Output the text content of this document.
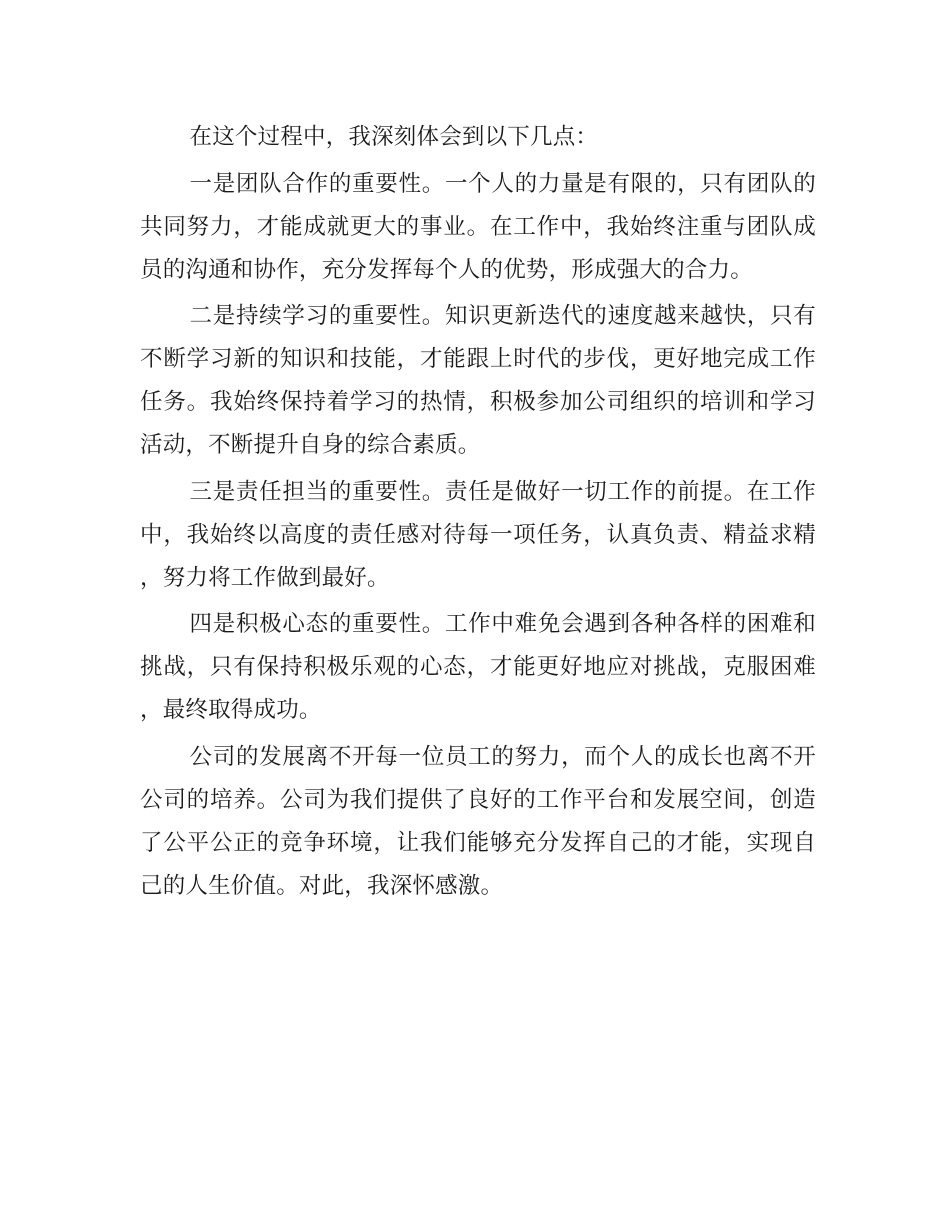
在这个过程中，我深刻体会到以下几点：

一是团队合作的重要性。一个人的力量是有限的，只有团队的共同努力，才能成就更大的事业。在工作中，我始终注重与团队成员的沟通和协作，充分发挥每个人的优势，形成强大的合力。

二是持续学习的重要性。知识更新迭代的速度越来越快，只有不断学习新的知识和技能，才能跟上时代的步伐，更好地完成工作任务。我始终保持着学习的热情，积极参加公司组织的培训和学习活动，不断提升自身的综合素质。

三是责任担当的重要性。责任是做好一切工作的前提。在工作中，我始终以高度的责任感对待每一项任务，认真负责、精益求精，努力将工作做到最好。

四是积极心态的重要性。工作中难免会遇到各种各样的困难和挑战，只有保持积极乐观的心态，才能更好地应对挑战，克服困难，最终取得成功。

公司的发展离不开每一位员工的努力，而个人的成长也离不开公司的培养。公司为我们提供了良好的工作平台和发展空间，创造了公平公正的竞争环境，让我们能够充分发挥自己的才能，实现自己的人生价值。对此，我深怀感激。
